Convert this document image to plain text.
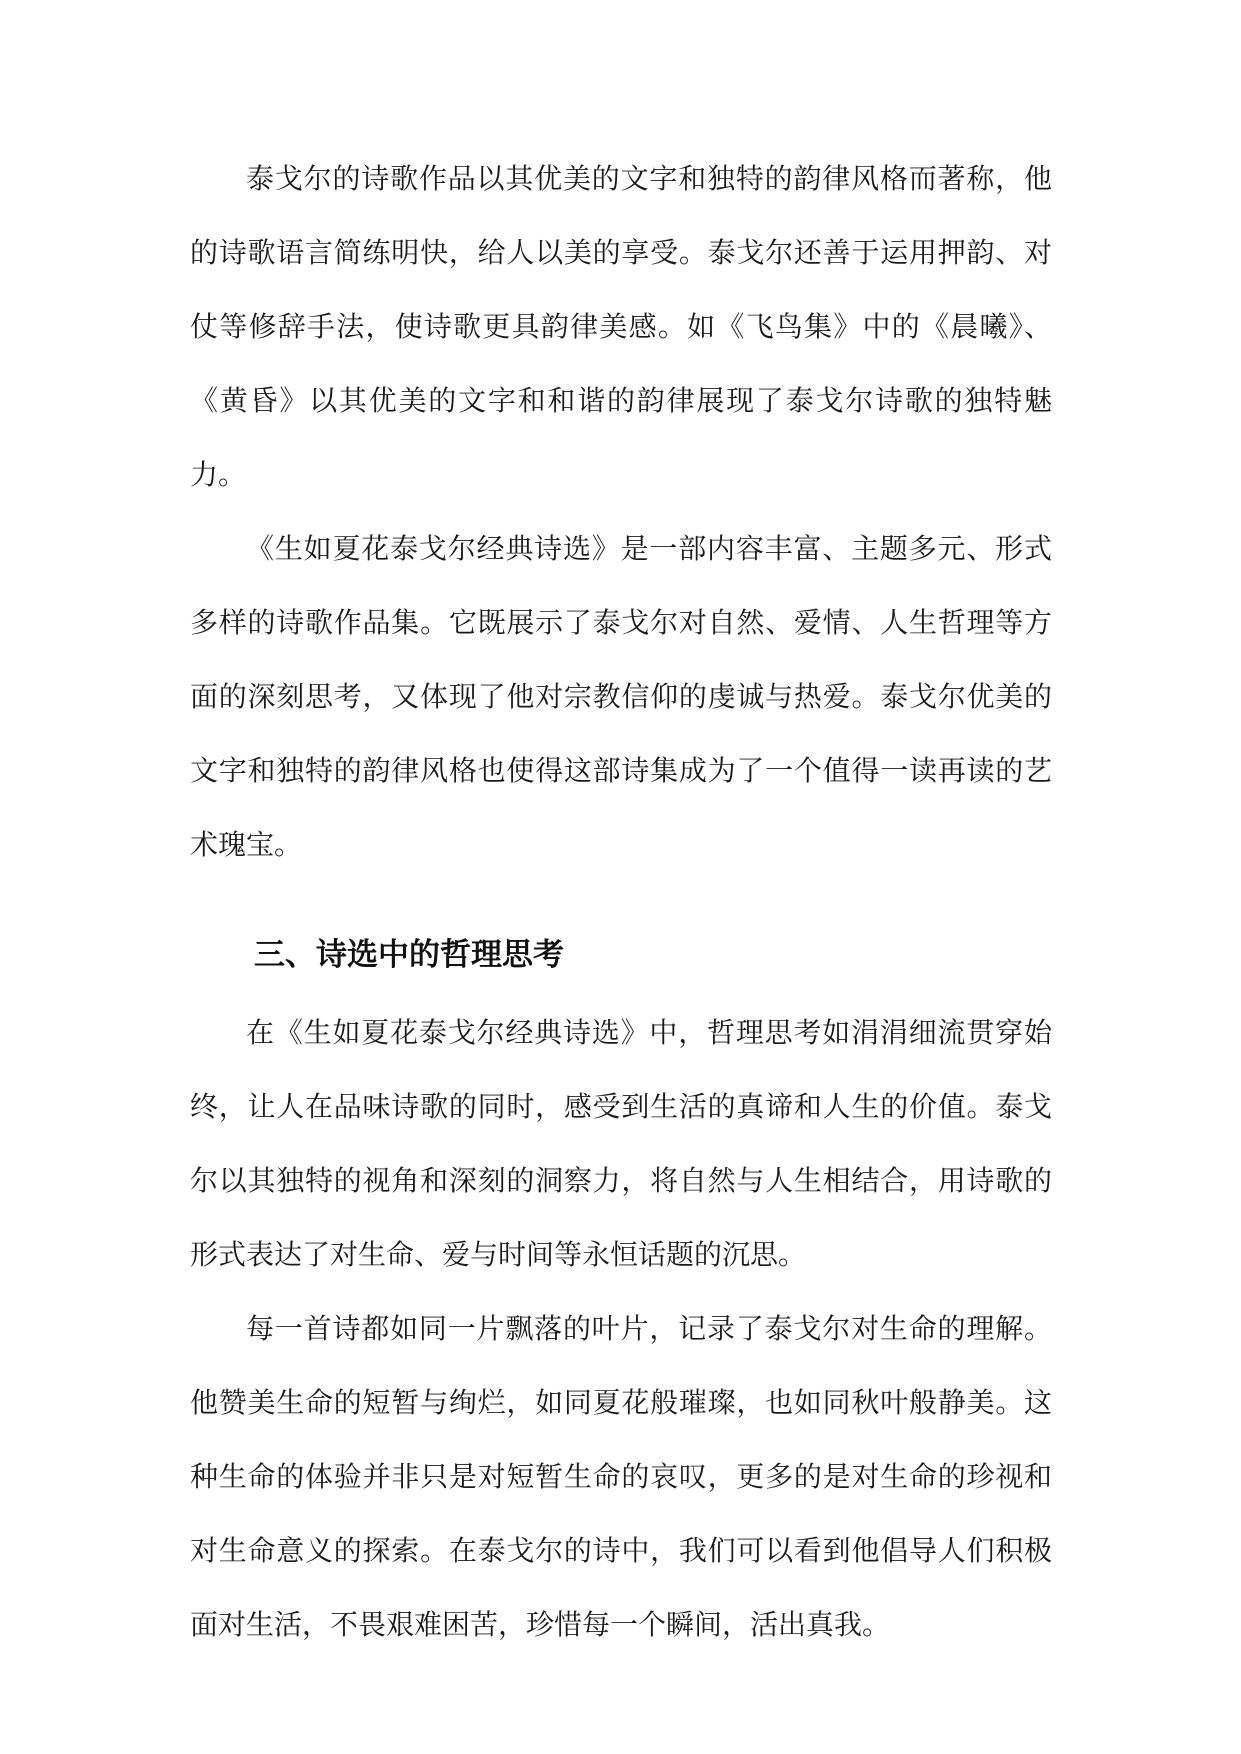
泰戈尔的诗歌作品以其优美的文字和独特的韵律风格而著称，他的诗歌语言简练明快，给人以美的享受。泰戈尔还善于运用押韵、对仗等修辞手法，使诗歌更具韵律美感。如《飞鸟集》中的《晨曦》、《黄昏》以其优美的文字和和谐的韵律展现了泰戈尔诗歌的独特魅力。

《生如夏花泰戈尔经典诗选》是一部内容丰富、主题多元、形式多样的诗歌作品集。它既展示了泰戈尔对自然、爱情、人生哲理等方面的深刻思考，又体现了他对宗教信仰的虔诚与热爱。泰戈尔优美的文字和独特的韵律风格也使得这部诗集成为了一个值得一读再读的艺术瑰宝。

三、诗选中的哲理思考

在《生如夏花泰戈尔经典诗选》中，哲理思考如涓涓细流贯穿始终，让人在品味诗歌的同时，感受到生活的真谛和人生的价值。泰戈尔以其独特的视角和深刻的洞察力，将自然与人生相结合，用诗歌的形式表达了对生命、爱与时间等永恒话题的沉思。

每一首诗都如同一片飘落的叶片，记录了泰戈尔对生命的理解。他赞美生命的短暂与绚烂，如同夏花般璀璨，也如同秋叶般静美。这种生命的体验并非只是对短暂生命的哀叹，更多的是对生命的珍视和对生命意义的探索。在泰戈尔的诗中，我们可以看到他倡导人们积极面对生活，不畏艰难困苦，珍惜每一个瞬间，活出真我。
